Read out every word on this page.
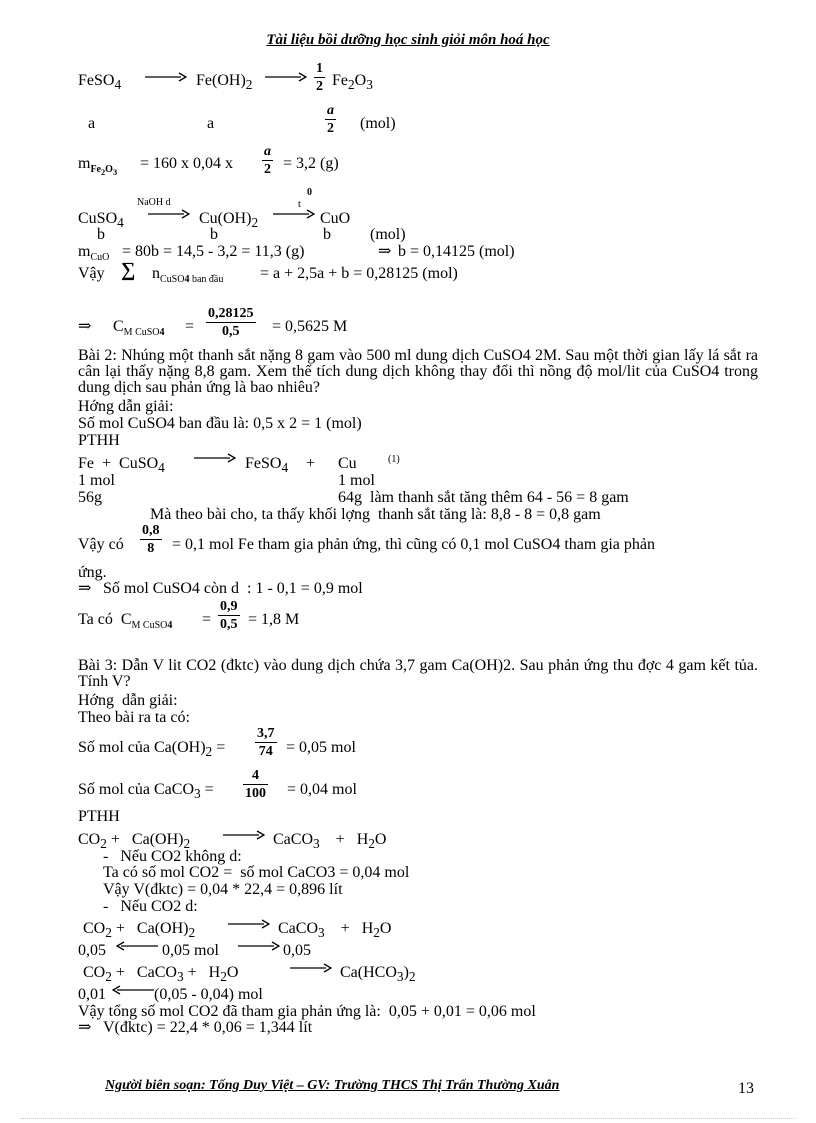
Tài liệu bồi dưỡng học sinh giỏi môn hoá học
FeSO$_4$	$Fe(OH)_2$	$\frac{1}{2} Fe_2O_3$
a	a	$\frac{a}{2} (mol)$
$m_{Fe_2O_3}$
= 160 x 0,04 x $\frac{a}{2} = 3,2$ (g)
NaOH d	t
0
CuSO$_4$	$Cu(OH)_2$	CuO
b	b	b (mol)
$m_{CuO} = 80b = 14,5 - 3,2 = 11,3$ (g)	⇒ b = 0,14125 (mol)
Vậy ∑ $n_{CuSO4 ban đầu} = a + 2,5a + b = 0,28125$ (mol)
⇒ $C_{M CuSO4} = \frac{0,28125}{0,5} = 0,5625$ M
Bài 2: Nhúng một thanh sắt nặng 8 gam vào 500 ml dung dịch CuSO4 2M. Sau một thời gian lấy lá sắt ra cân lại thấy nặng 8,8 gam. Xem thể tích dung dịch không thay đổi thì nồng độ mol/lit của CuSO4 trong dung dịch sau phản ứng là bao nhiêu?
Hớng dẫn giải:
Số mol CuSO4 ban đầu là: 0,5 x 2 = 1 (mol)
PTHH
Fe  +  CuSO$_4$	FeSO$_4$ + Cu	(1)
1 mol	1 mol
56g	64g  làm thanh sắt tăng thêm 64 - 56 = 8 gam
Mà theo bài cho, ta thấy khối lợng  thanh sắt tăng là: 8,8 - 8 = 0,8 gam
Vậy có $\frac{0,8}{8} = 0,1$ mol Fe tham gia phản ứng, thì cũng có 0,1 mol CuSO4 tham gia phản
ứng.
⇒ Số mol CuSO4 còn d  : 1 - 0,1 = 0,9 mol
Ta có  $C_{M CuSO4} = \frac{0,9}{0,5} = 1,8$ M
Bài 3: Dẫn V lit CO2 (đktc) vào dung dịch chứa 3,7 gam Ca(OH)2. Sau phản ứng thu đợc 4 gam kết tủa. Tính V?
Hớng  dẫn giải:
Theo bài ra ta có:
Số mol của $Ca(OH)_2 = \frac{3,7}{74} = 0,05$ mol
Số mol của CaCO$_3$ = $\frac{4}{100} = 0,04$ mol
PTHH
$CO_2 + Ca(OH)_2$	CaCO$_3$ +   $H_2O$
-   Nếu CO2 không d:
Ta có số mol CO2 =  số mol CaCO3 = 0,04 mol
Vậy V(đktc) = 0,04 * 22,4 = 0,896 lít
-   Nếu CO2 d:
$CO_2 + Ca(OH)_2$	CaCO$_3$ +   $H_2O$
0,05	0,05 mol	0,05
$CO_2$ +   CaCO$_3$ +   $H_2O$	$Ca(HCO_3)_2$
0,01	(0,05 - 0,04) mol
Vậy tổng số mol CO2 đã tham gia phản ứng là:  0,05 + 0,01 = 0,06 mol
⇒ V(đktc) = 22,4 * 0,06 = 1,344 lít
Người biên soạn: Tống Duy Việt – GV: Trường THCS Thị Trấn Thường Xuân	13
